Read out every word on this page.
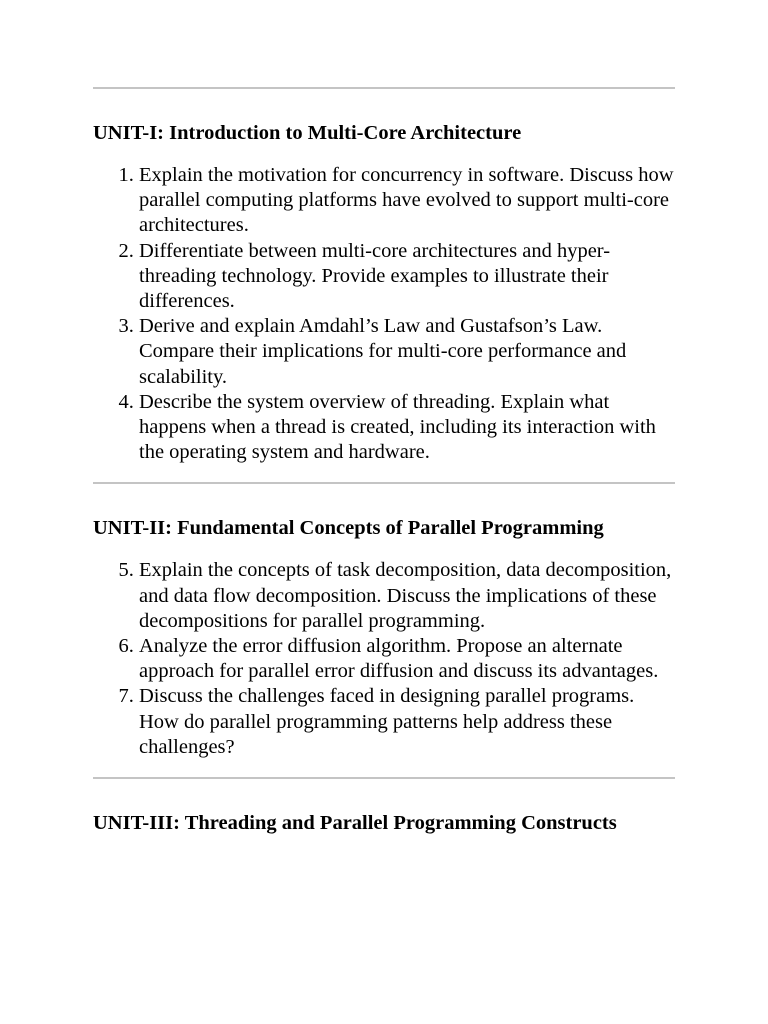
UNIT-I: Introduction to Multi-Core Architecture
1. Explain the motivation for concurrency in software. Discuss how parallel computing platforms have evolved to support multi-core architectures.
2. Differentiate between multi-core architectures and hyper-threading technology. Provide examples to illustrate their differences.
3. Derive and explain Amdahl’s Law and Gustafson’s Law. Compare their implications for multi-core performance and scalability.
4. Describe the system overview of threading. Explain what happens when a thread is created, including its interaction with the operating system and hardware.
UNIT-II: Fundamental Concepts of Parallel Programming
5. Explain the concepts of task decomposition, data decomposition, and data flow decomposition. Discuss the implications of these decompositions for parallel programming.
6. Analyze the error diffusion algorithm. Propose an alternate approach for parallel error diffusion and discuss its advantages.
7. Discuss the challenges faced in designing parallel programs. How do parallel programming patterns help address these challenges?
UNIT-III: Threading and Parallel Programming Constructs
